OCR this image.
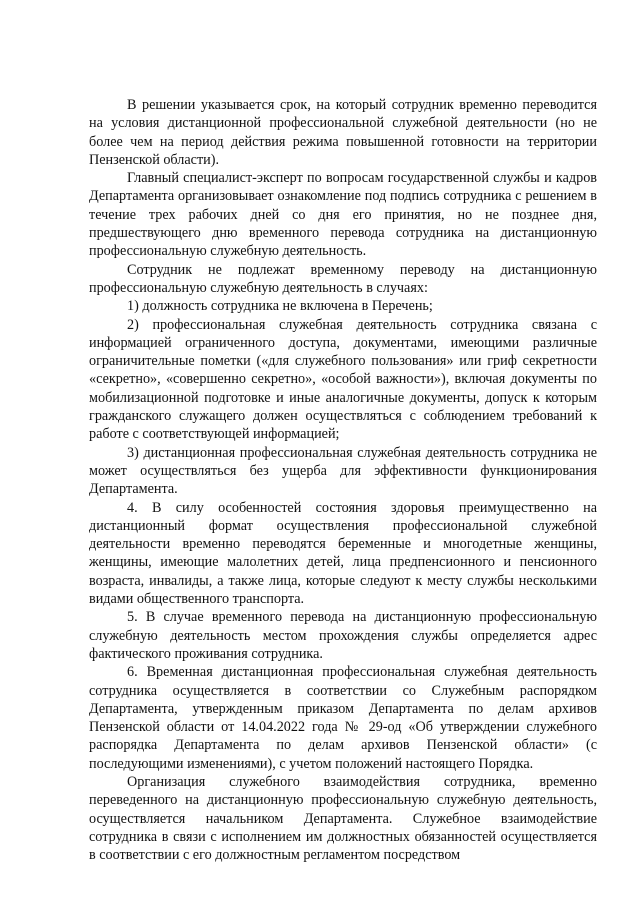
В решении указывается срок, на который сотрудник временно переводится на условия дистанционной профессиональной служебной деятельности (но не более чем на период действия режима повышенной готовности на территории Пензенской области).

Главный специалист-эксперт по вопросам государственной службы и кадров Департамента организовывает ознакомление под подпись сотрудника с решением в течение трех рабочих дней со дня его принятия, но не позднее дня, предшествующего дню временного перевода сотрудника на дистанционную профессиональную служебную деятельность.

Сотрудник не подлежат временному переводу на дистанционную профессиональную служебную деятельность в случаях:

1) должность сотрудника не включена в Перечень;

2) профессиональная служебная деятельность сотрудника связана с информацией ограниченного доступа, документами, имеющими различные ограничительные пометки («для служебного пользования» или гриф секретности «секретно», «совершенно секретно», «особой важности»), включая документы по мобилизационной подготовке и иные аналогичные документы, допуск к которым гражданского служащего должен осуществляться с соблюдением требований к работе с соответствующей информацией;

3) дистанционная профессиональная служебная деятельность сотрудника не может осуществляться без ущерба для эффективности функционирования Департамента.

4. В силу особенностей состояния здоровья преимущественно на дистанционный формат осуществления профессиональной служебной деятельности временно переводятся беременные и многодетные женщины, женщины, имеющие малолетних детей, лица предпенсионного и пенсионного возраста, инвалиды, а также лица, которые следуют к месту службы несколькими видами общественного транспорта.

5. В случае временного перевода на дистанционную профессиональную служебную деятельность местом прохождения службы определяется адрес фактического проживания сотрудника.

6. Временная дистанционная профессиональная служебная деятельность сотрудника осуществляется в соответствии со Служебным распорядком Департамента, утвержденным приказом Департамента по делам архивов Пензенской области от 14.04.2022 года № 29-од «Об утверждении служебного распорядка Департамента по делам архивов Пензенской области» (с последующими изменениями), с учетом положений настоящего Порядка.

Организация служебного взаимодействия сотрудника, временно переведенного на дистанционную профессиональную служебную деятельность, осуществляется начальником Департамента. Служебное взаимодействие сотрудника в связи с исполнением им должностных обязанностей осуществляется в соответствии с его должностным регламентом посредством
